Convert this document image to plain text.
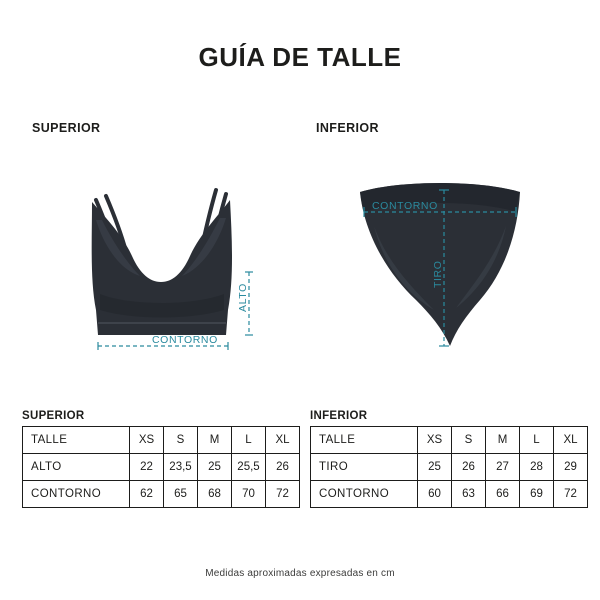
GUÍA DE TALLE
SUPERIOR	INFERIOR
ALTO
CONTORNO
CONTORNO
TIRO
SUPERIOR
TALLE	XS	S	M	L	XL
ALTO	22	23,5	25	25,5	26
CONTORNO	62	65	68	70	72
INFERIOR
TALLE	XS	S	M	L	XL
TIRO	25	26	27	28	29
CONTORNO	60	63	66	69	72
Medidas aproximadas expresadas en cm
